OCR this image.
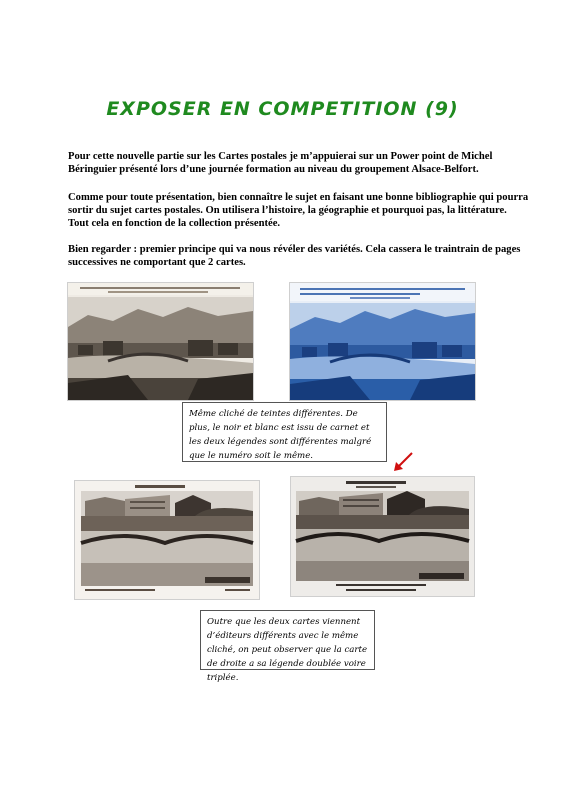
EXPOSER EN COMPETITION (9)
Pour cette nouvelle partie sur les Cartes postales je m’appuierai sur un Power point de Michel Béringuier présenté lors d’une journée formation au niveau du groupement Alsace-Belfort.
Comme pour toute présentation, bien connaître le sujet en faisant une bonne bibliographie qui pourra sortir du sujet cartes postales. On utilisera l’histoire, la géographie et pourquoi pas, la littérature. Tout cela en fonction de la collection présentée.
Bien regarder : premier principe qui va nous révéler des variétés. Cela cassera le traintrain de pages successives ne comportant que 2 cartes.
Même cliché de teintes différentes. De plus, le noir et blanc est issu de carnet et les deux légendes sont différentes malgré que le numéro soit le même.
Outre que les deux cartes viennent d’éditeurs différents avec le même cliché, on peut observer que la carte de droite a sa légende doublée voire triplée.
